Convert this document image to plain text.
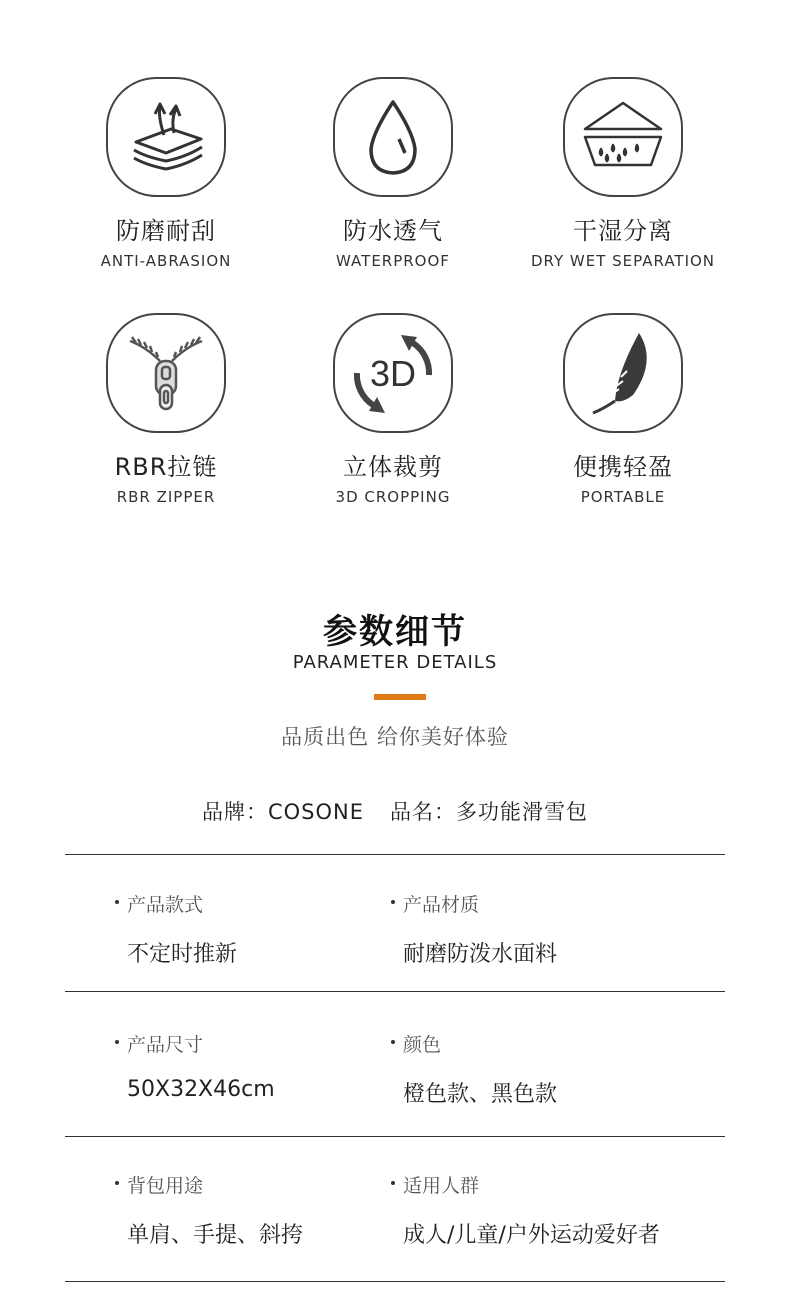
防磨耐刮
ANTI-ABRASION
防水透气
WATERPROOF
干湿分离
DRY WET SEPARATION
RBR拉链
RBR ZIPPER
3D
立体裁剪
3D CROPPING
便携轻盈
PORTABLE
参数细节
PARAMETER DETAILS
品质出色 给你美好体验
品牌：COSONE 品名：多功能滑雪包
产品款式
不定时推新
产品材质
耐磨防泼水面料
产品尺寸
50X32X46cm
颜色
橙色款、黑色款
背包用途
单肩、手提、斜挎
适用人群
成人/儿童/户外运动爱好者
